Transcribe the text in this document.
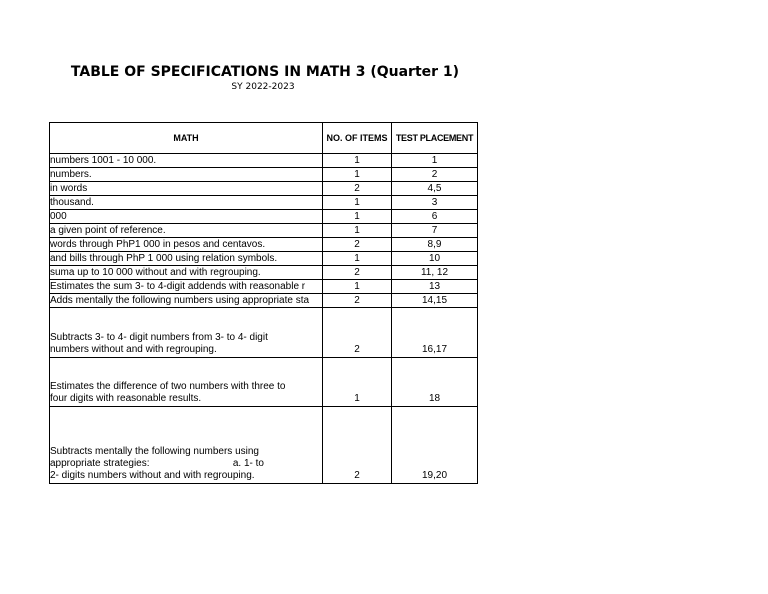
TABLE OF SPECIFICATIONS IN MATH 3 (Quarter 1)
SY 2022-2023
MATH	NO. OF ITEMS	TEST PLACEMENT
numbers 1001 - 10 000.	1	1
numbers.	1	2
in words	2	4,5
thousand.	1	3
000	1	6
a given point of reference.	1	7
words through PhP1 000 in pesos and centavos.	2	8,9
and bills through PhP 1 000 using relation symbols.	1	10
suma up to 10 000 without and with regrouping.	2	11, 12
Estimates the sum 3- to 4-digit addends with reasonable r	1	13
Adds mentally the following numbers using appropriate sta	2	14,15

Subtracts 3- to 4- digit numbers from 3- to 4- digit
numbers without and with regrouping.	2	16,17

Estimates the difference of two numbers with three to
four digits with reasonable results.	1	18

Subtracts mentally the following numbers using
appropriate strategies:                              a. 1- to
2- digits numbers without and with regrouping.	2	19,20
